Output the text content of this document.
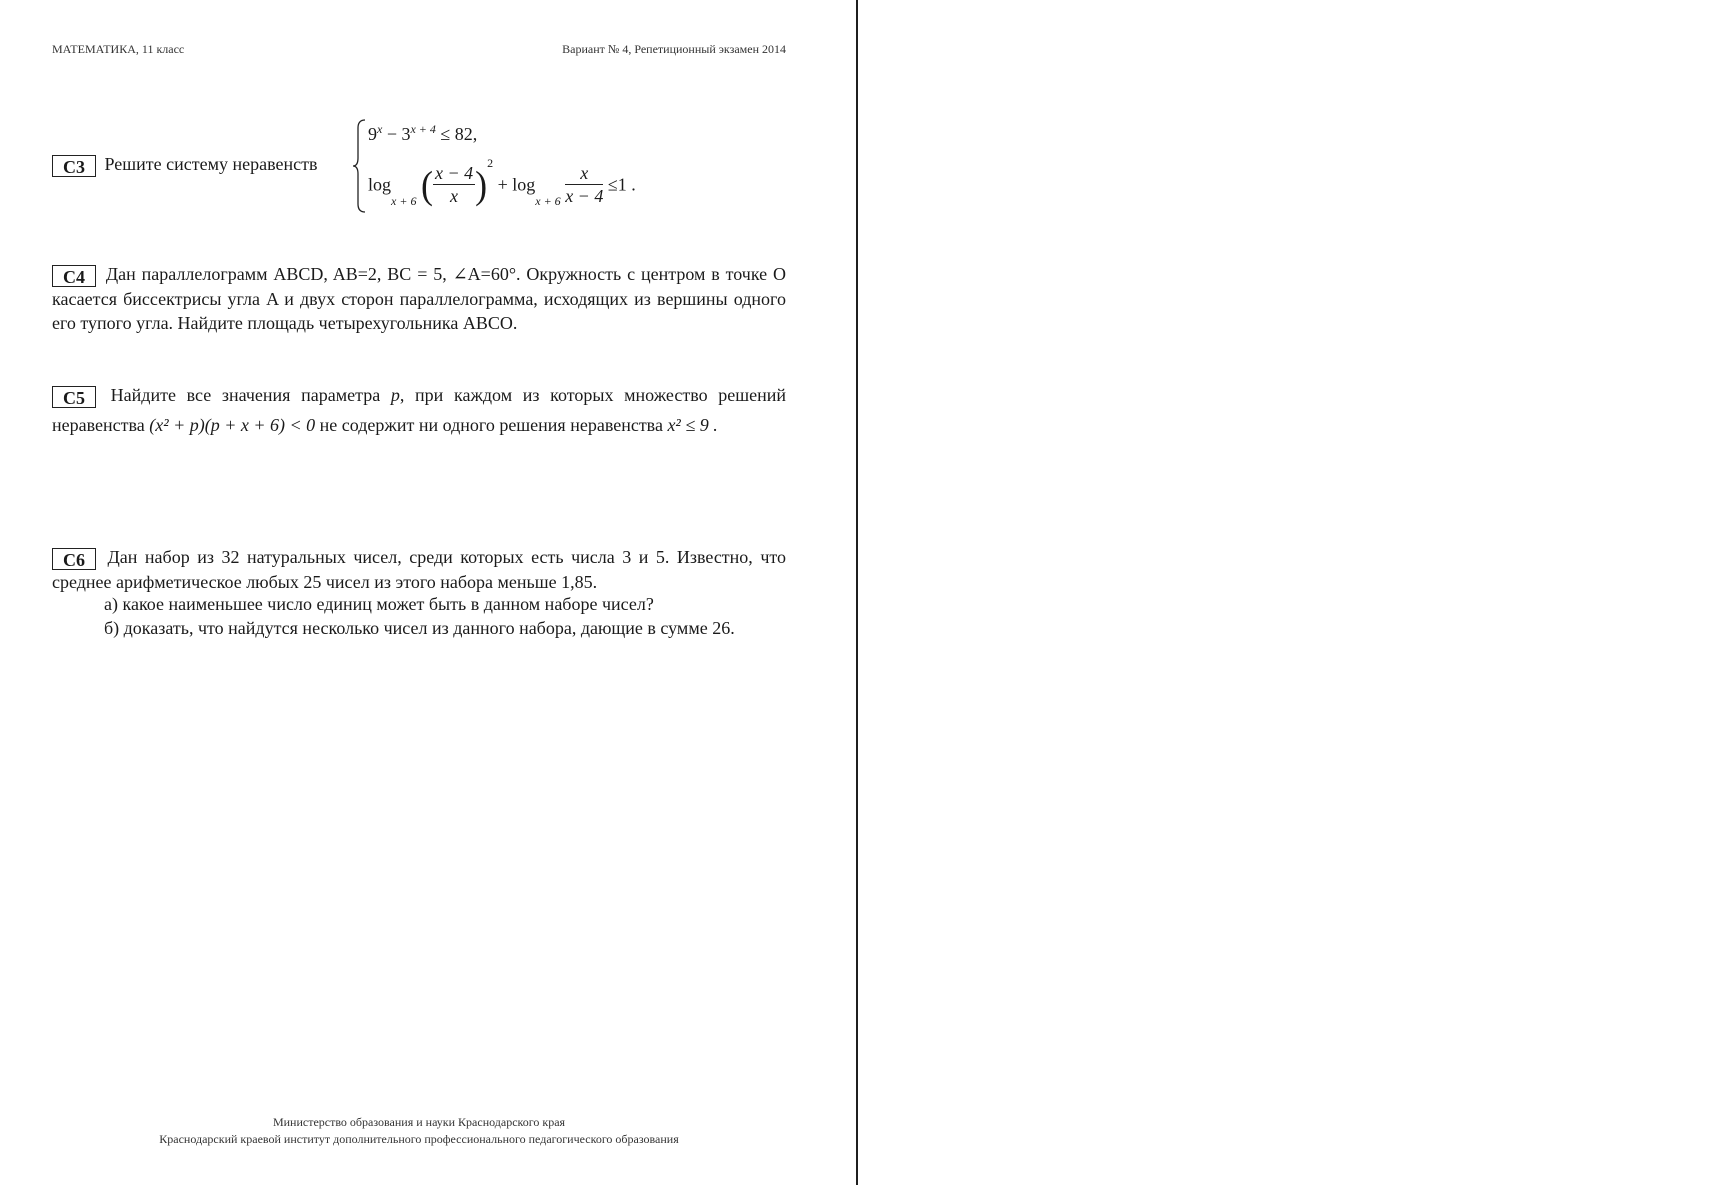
МАТЕМАТИКА, 11 класс	Вариант № 4, Репетиционный экзамен 2014
C3 Решите систему неравенств
$9^x - 3^{x + 4} \le 82$,
$\log_{x + 6}$ ( $\frac{x - 4}{x} )^2 + \log_{x + 6} \frac{x}{x - 4} \le 1$ .
C4 Дан параллелограмм ABCD, AB=2, BC = 5, ∠A=60°. Окружность с центром в точке O касается биссектрисы угла A и двух сторон параллелограмма, исходящих из вершины одного его тупого угла. Найдите площадь четырехугольника ABCO.
C5 Найдите все значения параметра p, при каждом из которых множество решений неравенства (x² + p)(p + x + 6) < 0 не содержит ни одного решения неравенства x² ≤ 9 .
C6 Дан набор из 32 натуральных чисел, среди которых есть числа 3 и 5. Известно, что среднее арифметическое любых 25 чисел из этого набора меньше 1,85.
а) какое наименьшее число единиц может быть в данном наборе чисел?
б) доказать, что найдутся несколько чисел из данного набора, дающие в сумме 26.
Министерство образования и науки Краснодарского края
Краснодарский краевой институт дополнительного профессионального педагогического образования
